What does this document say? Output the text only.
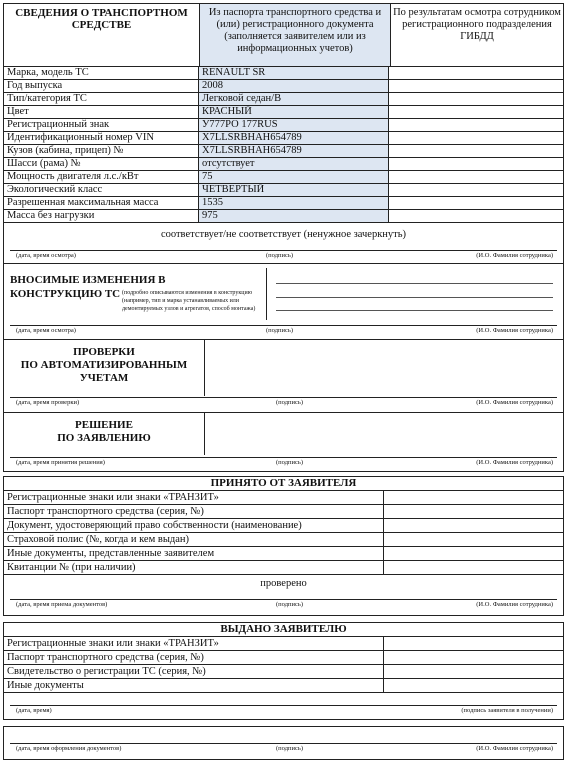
СВЕДЕНИЯ О ТРАНСПОРТНОМ СРЕДСТВЕ
Из паспорта транспортного средства и (или) регистрационного документа (заполняется заявителем или из информационных учетов)
По результатам осмотра сотрудником регистрационного подразделения ГИБДД
Марка, модель ТС	RENAULT SR
Год выпуска	2008
Тип/категория ТС	Легковой седан/В
Цвет	КРАСНЫЙ
Регистрационный знак	У777РО 177RUS
Идентификационный номер VIN	X7LLSRBHAH654789
Кузов (кабина, прицеп) №	X7LLSRBHAH654789
Шасси (рама) №	отсутствует
Мощность двигателя л.с./кВт	75
Экологический класс	ЧЕТВЕРТЫЙ
Разрешенная максимальная масса	1535
Масса без нагрузки	975
соответствует/не соответствует (ненужное зачеркнуть)
(дата, время осмотра)	(подпись)	(И.О. Фамилия сотрудника)
ВНОСИМЫЕ ИЗМЕНЕНИЯ В
КОНСТРУКЦИЮ ТС (подробно описываются изменения в конструкцию (например, тип и марка устанавливаемых или демонтируемых узлов и агрегатов, способ монтажа)
(дата, время осмотра)	(подпись)	(И.О. Фамилия сотрудника)
ПРОВЕРКИ
ПО АВТОМАТИЗИРОВАННЫМ
УЧЕТАМ
(дата, время проверки)	(подпись)	(И.О. Фамилия сотрудника)
РЕШЕНИЕ
ПО ЗАЯВЛЕНИЮ
(дата, время принятия решения)	(подпись)	(И.О. Фамилия сотрудника)
ПРИНЯТО ОТ ЗАЯВИТЕЛЯ
Регистрационные знаки или знаки «ТРАНЗИТ»
Паспорт транспортного средства (серия, №)
Документ, удостоверяющий право собственности (наименование)
Страховой полис (№, когда и кем выдан)
Иные документы, представленные заявителем
Квитанции № (при наличии)
проверено
(дата, время приема документов)	(подпись)	(И.О. Фамилия сотрудника)
ВЫДАНО ЗАЯВИТЕЛЮ
Регистрационные знаки или знаки «ТРАНЗИТ»
Паспорт транспортного средства (серия, №)
Свидетельство о регистрации ТС (серия, №)
Иные документы
(дата, время)	(подпись заявителя в получении)
(дата, время оформления документов)	(подпись)	(И.О. Фамилия сотрудника)
